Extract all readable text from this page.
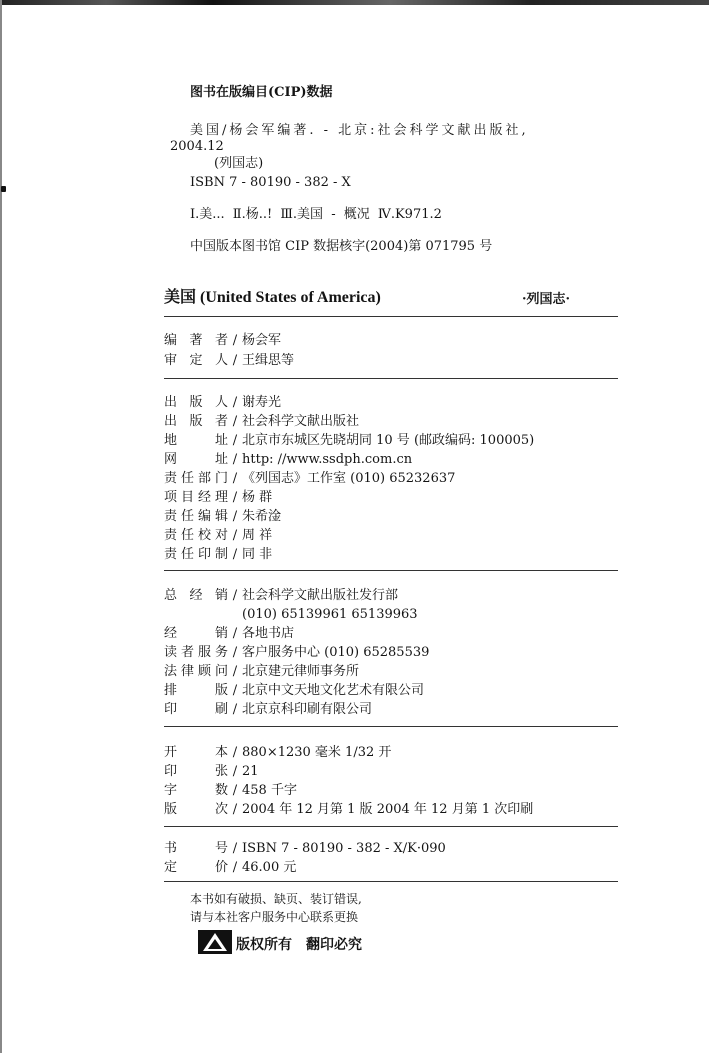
图书在版编目(CIP)数据
美国/杨会军编著. - 北京:社会科学文献出版社,
2004.12
(列国志)
ISBN 7 - 80190 - 382 - X
Ⅰ.美... Ⅱ.杨..! Ⅲ.美国 - 概况 Ⅳ.K971.2
中国版本图书馆 CIP 数据核字(2004)第 071795 号
美国 (United States of America)	·列国志·
编 著 者 / 杨会军
审 定 人 / 王缉思等
出 版 人 / 谢寿光
出 版 者 / 社会科学文献出版社
地 址 / 北京市东城区先晓胡同 10 号 (邮政编码: 100005)
网 址 / http: //www.ssdph.com.cn
责任部门 / 《列国志》工作室 (010) 65232637
项目经理 / 杨 群
责任编辑 / 朱希淦
责任校对 / 周 祥
责任印制 / 同 非
总 经 销 / 社会科学文献出版社发行部
(010) 65139961 65139963
经 销 / 各地书店
读者服务 / 客户服务中心 (010) 65285539
法律顾问 / 北京建元律师事务所
排 版 / 北京中文天地文化艺术有限公司
印 刷 / 北京京科印刷有限公司
开 本 / 880×1230 毫米 1/32 开
印 张 / 21
字 数 / 458 千字
版 次 / 2004 年 12 月第 1 版 2004 年 12 月第 1 次印刷
书 号 / ISBN 7 - 80190 - 382 - X/K·090
定 价 / 46.00 元
本书如有破损、缺页、装订错误,
请与本社客户服务中心联系更换
版权所有 翻印必究
